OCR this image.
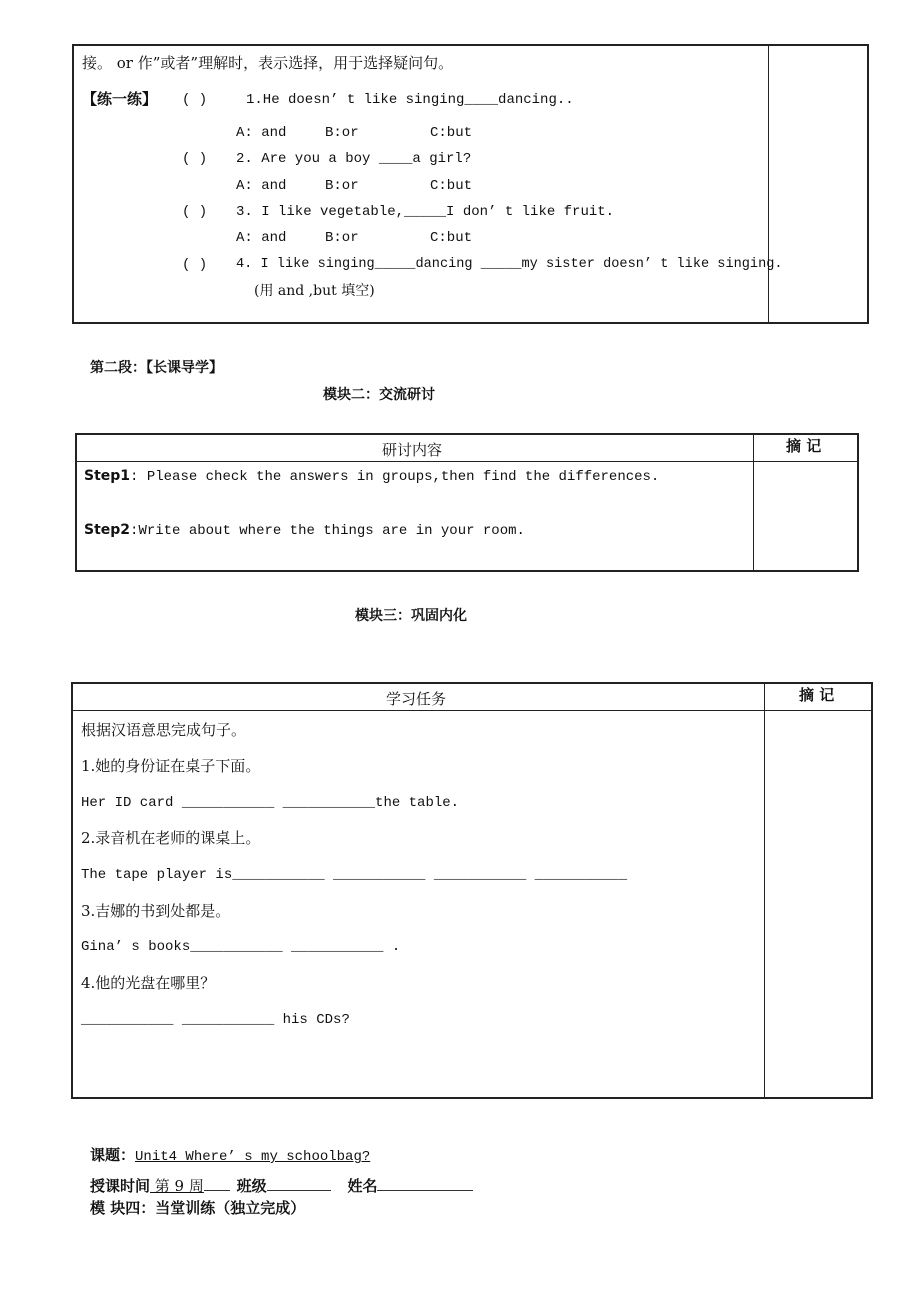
接。 or 作”或者”理解时，表示选择，用于选择疑问句。
【练一练】 ( )	1.He doesn’ t like singing____dancing..
A: and	B:or	C:but
( ) 2. Are you a boy ____a girl?
A: and	B:or	C:but
( ) 3. I like vegetable,_____I don’ t like fruit.
A: and	B:or	C:but
( ) 4. I like singing_____dancing _____my sister doesn’ t like singing.
(用 and ,but 填空)
第二段：【长课导学】
模块二：交流研讨
研讨内容	摘 记
Step1: Please check the answers in groups,then find the differences.
Step2:Write about where the things are in your room.
模块三：巩固内化
学习任务	摘 记
根据汉语意思完成句子。
1.她的身份证在桌子下面。
Her ID card ___________ ___________the table.
2.录音机在老师的课桌上。
The tape player is___________ ___________ ___________ ___________
3.吉娜的书到处都是。
Gina’ s books___________ ___________ .
4.他的光盘在哪里？
___________ ___________ his CDs?
课题：Unit4 Where’ s my schoolbag?
授课时间 第 9 周 班级	姓名
模 块四：当堂训练（独立完成）
